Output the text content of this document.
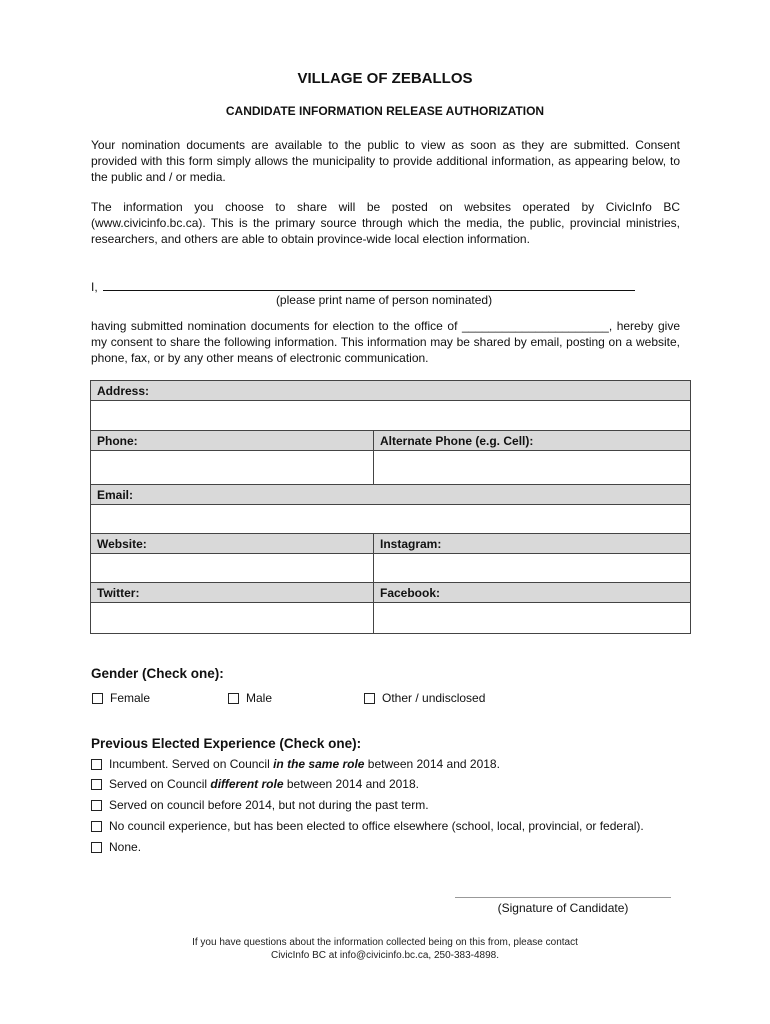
VILLAGE OF ZEBALLOS
CANDIDATE INFORMATION RELEASE AUTHORIZATION

Your nomination documents are available to the public to view as soon as they are submitted. Consent provided with this form simply allows the municipality to provide additional information, as appearing below, to the public and / or media.

The information you choose to share will be posted on websites operated by CivicInfo BC (www.civicinfo.bc.ca). This is the primary source through which the media, the public, provincial ministries, researchers, and others are able to obtain province-wide local election information.

I,
(please print name of person nominated)

having submitted nomination documents for election to the office of ______________________, hereby give my consent to share the following information. This information may be shared by email, posting on a website, phone, fax, or by any other means of electronic communication.

Address:	

Phone:	Alternate Phone (e.g. Cell):

Email:	

Website:	Instagram:

Twitter:	Facebook:

Gender (Check one):
Female	Male	Other / undisclosed
Previous Elected Experience (Check one):
Incumbent. Served on Council in the same role between 2014 and 2018.
Served on Council different role between 2014 and 2018.
Served on council before 2014, but not during the past term.
No council experience, but has been elected to office elsewhere (school, local, provincial, or federal).
None.
(Signature of Candidate)
If you have questions about the information collected being on this from, please contact
CivicInfo BC at info@civicinfo.bc.ca, 250-383-4898.
